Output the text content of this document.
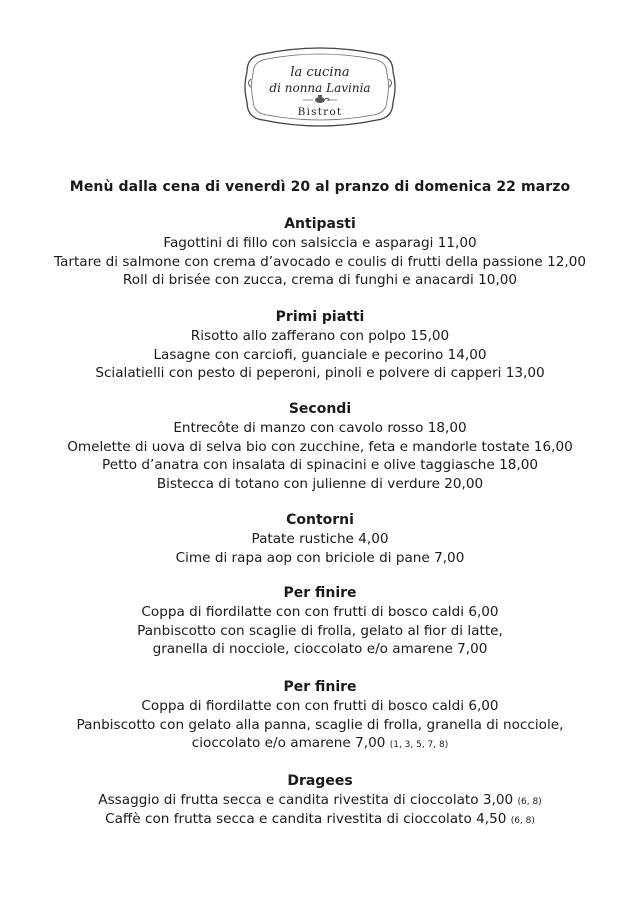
la cucina
di nonna Lavinia
Bistrot
Menù dalla cena di venerdì 20 al pranzo di domenica 22 marzo
Antipasti
Fagottini di fillo con salsiccia e asparagi 11,00
Tartare di salmone con crema d’avocado e coulis di frutti della passione 12,00
Roll di brisée con zucca, crema di funghi e anacardi 10,00
Primi piatti
Risotto allo zafferano con polpo 15,00
Lasagne con carciofi, guanciale e pecorino 14,00
Scialatielli con pesto di peperoni, pinoli e polvere di capperi 13,00
Secondi
Entrecôte di manzo con cavolo rosso 18,00
Omelette di uova di selva bio con zucchine, feta e mandorle tostate 16,00
Petto d’anatra con insalata di spinacini e olive taggiasche 18,00
Bistecca di totano con julienne di verdure 20,00
Contorni
Patate rustiche 4,00
Cime di rapa aop con briciole di pane 7,00
Per finire
Coppa di fiordilatte con con frutti di bosco caldi 6,00
Panbiscotto con scaglie di frolla, gelato al fior di latte,
granella di nocciole, cioccolato e/o amarene 7,00
Per finire
Coppa di fiordilatte con con frutti di bosco caldi 6,00
Panbiscotto con gelato alla panna, scaglie di frolla, granella di nocciole,
cioccolato e/o amarene 7,00 (1, 3, 5, 7, 8)
Dragees
Assaggio di frutta secca e candita rivestita di cioccolato 3,00 (6, 8)
Caffè con frutta secca e candita rivestita di cioccolato 4,50 (6, 8)
